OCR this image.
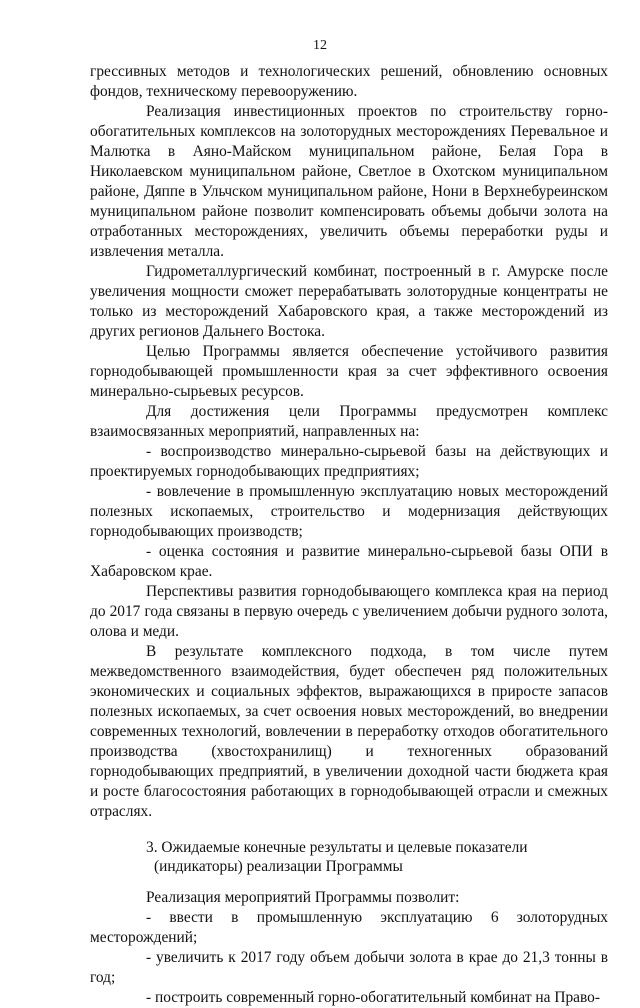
12

грессивных методов и технологических решений, обновлению основных фондов, техническому перевооружению.

Реализация инвестиционных проектов по строительству горно-обогатительных комплексов на золоторудных месторождениях Перевальное и Малютка в Аяно-Майском муниципальном районе, Белая Гора в Николаевском муниципальном районе, Светлое в Охотском муниципальном районе, Дяппе в Ульчском муниципальном районе, Нони в Верхнебуреинском муниципальном районе позволит компенсировать объемы добычи золота на отработанных месторождениях, увеличить объемы переработки руды и извлечения металла.

Гидрометаллургический комбинат, построенный в г. Амурске после увеличения мощности сможет перерабатывать золоторудные концентраты не только из месторождений Хабаровского края, а также месторождений из других регионов Дальнего Востока.

Целью Программы является обеспечение устойчивого развития горнодобывающей промышленности края за счет эффективного освоения минерально-сырьевых ресурсов.

Для достижения цели Программы предусмотрен комплекс взаимосвязанных мероприятий, направленных на:

- воспроизводство минерально-сырьевой базы на действующих и проектируемых горнодобывающих предприятиях;

- вовлечение в промышленную эксплуатацию новых месторождений полезных ископаемых, строительство и модернизация действующих горнодобывающих производств;

- оценка состояния и развитие минерально-сырьевой базы ОПИ в Хабаровском крае.

Перспективы развития горнодобывающего комплекса края на период до 2017 года связаны в первую очередь с увеличением добычи рудного золота, олова и меди.

В результате комплексного подхода, в том числе путем межведомственного взаимодействия, будет обеспечен ряд положительных экономических и социальных эффектов, выражающихся в приросте запасов полезных ископаемых, за счет освоения новых месторождений, во внедрении современных технологий, вовлечении в переработку отходов обогатительного производства (хвостохранилищ) и техногенных образований горнодобывающих предприятий, в увеличении доходной части бюджета края и росте благосостояния работающих в горнодобывающей отрасли и смежных отраслях.

3. Ожидаемые конечные результаты и целевые показатели (индикаторы) реализации Программы

Реализация мероприятий Программы позволит:

- ввести в промышленную эксплуатацию 6 золоторудных месторождений;

- увеличить к 2017 году объем добычи золота в крае до 21,3 тонны в год;

- построить современный горно-обогатительный комбинат на Право-
